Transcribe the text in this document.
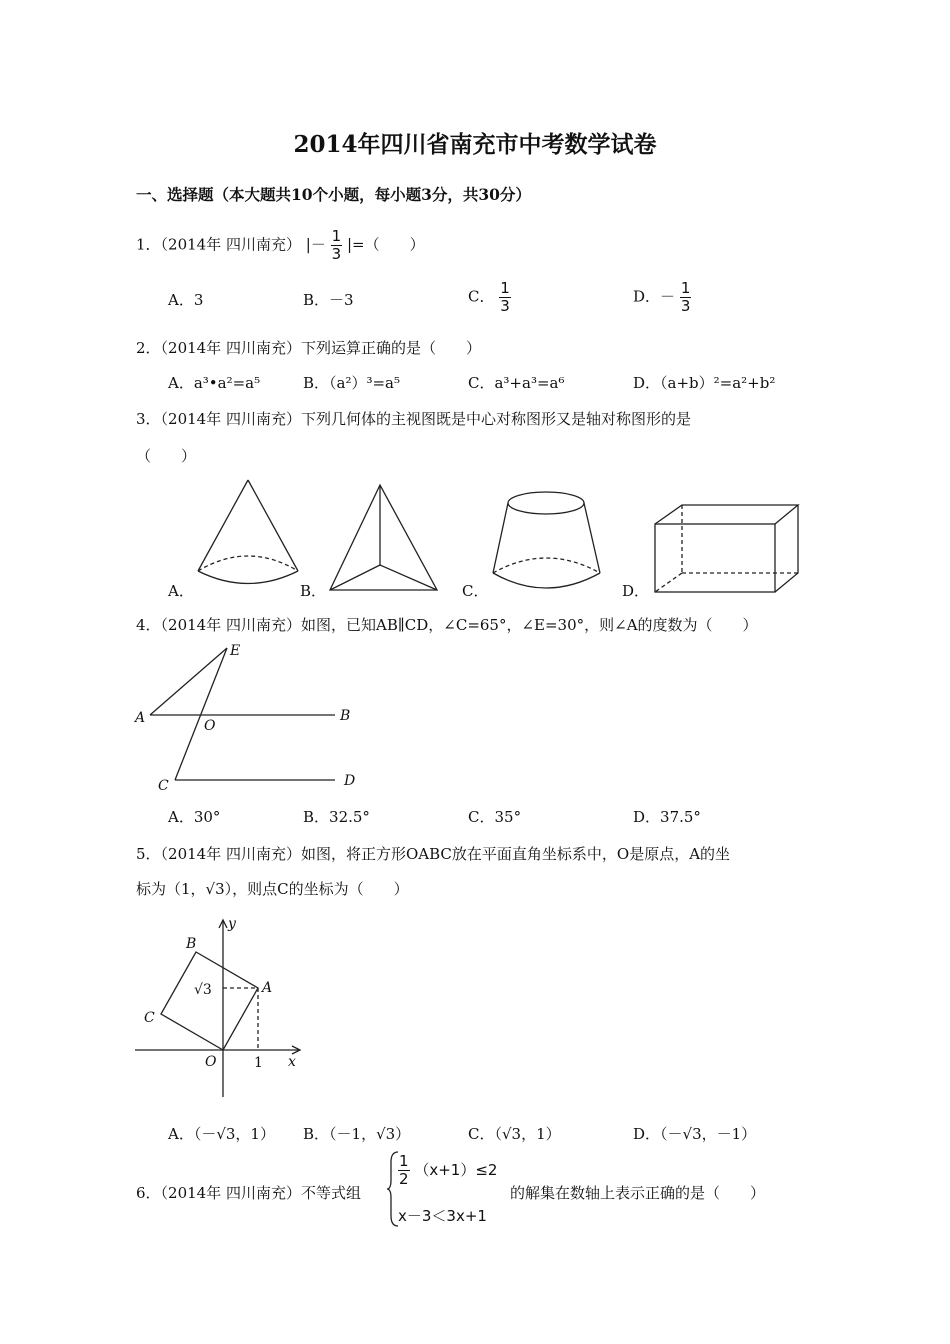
2014年四川省南充市中考数学试卷
一、选择题（本大题共10个小题，每小题3分，共30分）
1．（2014年 四川南充） |－ $\frac{1}{3}$ |=（　　）
A．3	B．－3	C． $\frac{1}{3}$	D．－ $\frac{1}{3}$
2．（2014年 四川南充）下列运算正确的是（　　）
A．a³•a²=a⁵	B．（a²）³=a⁵	C．a³+a³=a⁶	D．（a+b）²=a²+b²
3．（2014年 四川南充）下列几何体的主视图既是中心对称图形又是轴对称图形的是
（　　）
A．	B．	C．	D．
4．（2014年 四川南充）如图，已知AB∥CD，∠C=65°，∠E=30°，则∠A的度数为（　　）
E
A	O
B
C	D
A．30°	B．32.5°	C．35°	D．37.5°
5．（2014年 四川南充）如图，将正方形OABC放在平面直角坐标系中，O是原点，A的坐
标为（1，√3），则点C的坐标为（　　）
y
B
√3	A
C
O	1 x
A．（－√3，1） B．（－1，√3）	C．（√3，1）	D．（－√3，－1）
6．（2014年 四川南充）不等式组
$\frac{1}{2} (x+1)\le 2$
x－3＜3x+1
的解集在数轴上表示正确的是（　　）
